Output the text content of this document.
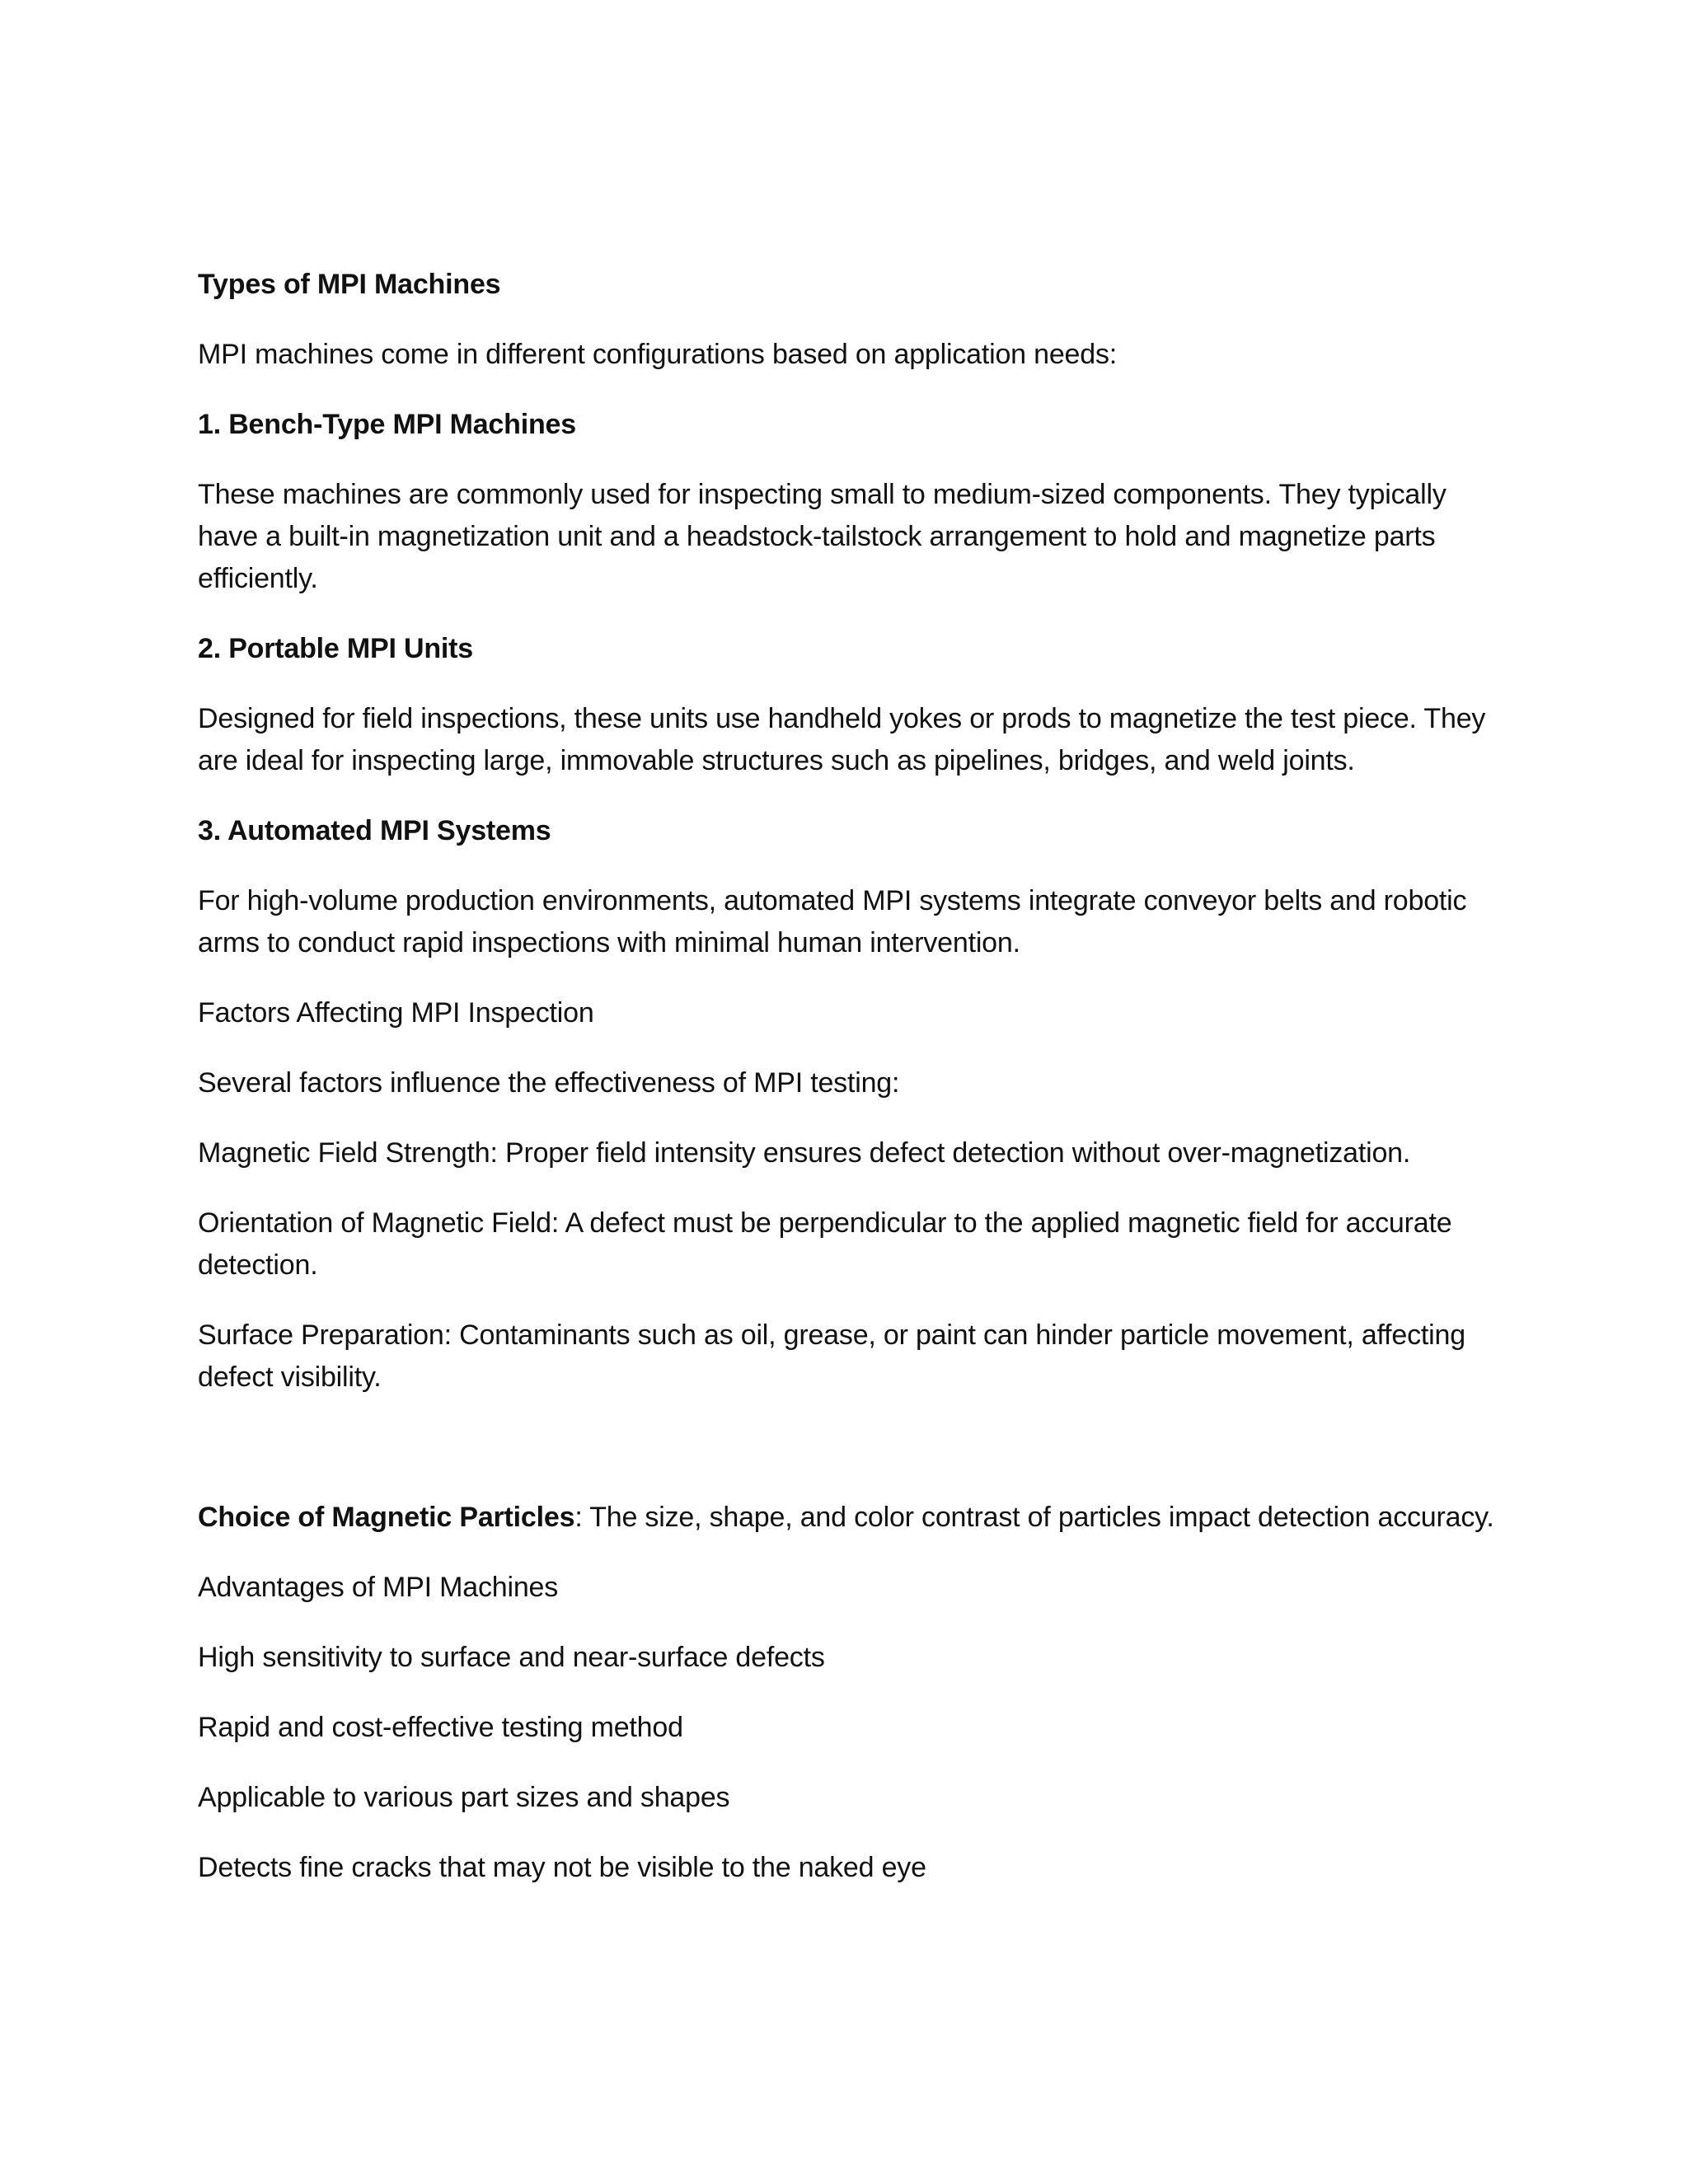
Types of MPI Machines

MPI machines come in different configurations based on application needs:

1. Bench-Type MPI Machines

These machines are commonly used for inspecting small to medium-sized components. They typically have a built-in magnetization unit and a headstock-tailstock arrangement to hold and magnetize parts efficiently.

2. Portable MPI Units

Designed for field inspections, these units use handheld yokes or prods to magnetize the test piece. They are ideal for inspecting large, immovable structures such as pipelines, bridges, and weld joints.

3. Automated MPI Systems

For high-volume production environments, automated MPI systems integrate conveyor belts and robotic arms to conduct rapid inspections with minimal human intervention.

Factors Affecting MPI Inspection

Several factors influence the effectiveness of MPI testing:

Magnetic Field Strength: Proper field intensity ensures defect detection without over-magnetization.

Orientation of Magnetic Field: A defect must be perpendicular to the applied magnetic field for accurate detection.

Surface Preparation: Contaminants such as oil, grease, or paint can hinder particle movement, affecting defect visibility.

Choice of Magnetic Particles: The size, shape, and color contrast of particles impact detection accuracy.

Advantages of MPI Machines

High sensitivity to surface and near-surface defects

Rapid and cost-effective testing method

Applicable to various part sizes and shapes

Detects fine cracks that may not be visible to the naked eye
